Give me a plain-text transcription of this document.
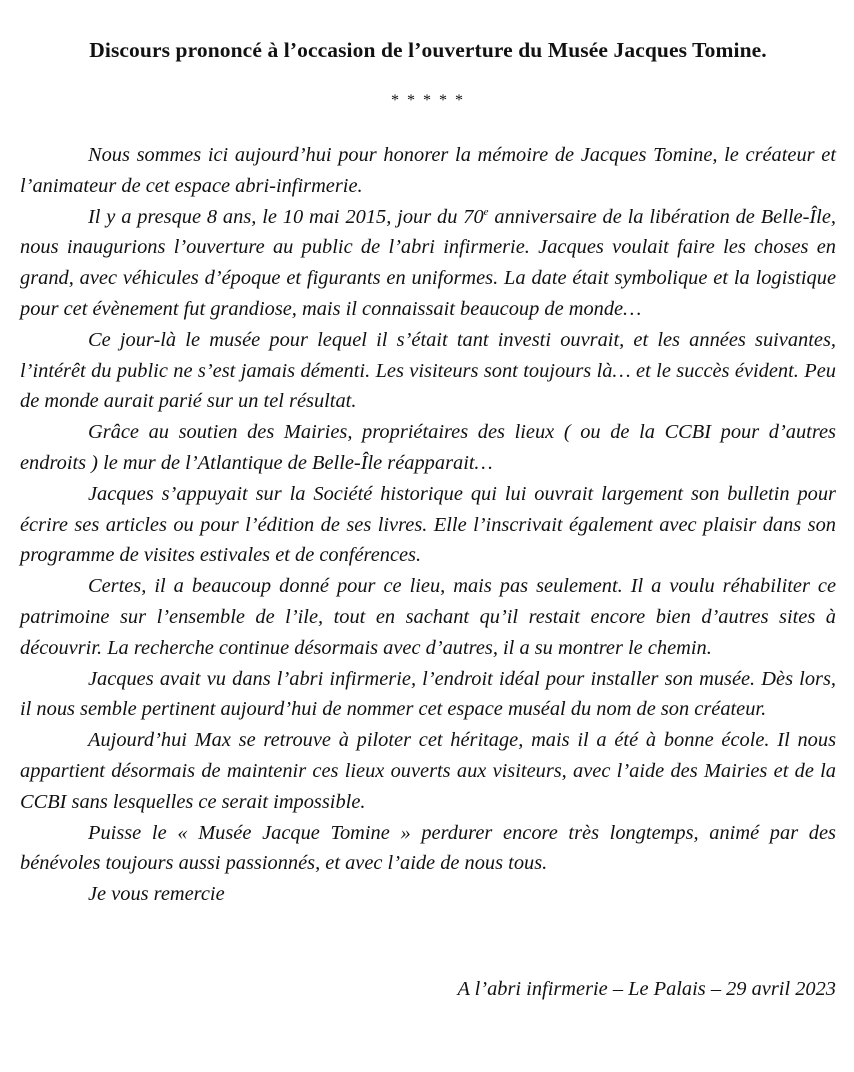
Discours prononcé à l’occasion de l’ouverture du Musée Jacques Tomine.
* * * * *

Nous sommes ici aujourd’hui pour honorer la mémoire de Jacques Tomine, le créateur et l’animateur de cet espace abri-infirmerie.

Il y a presque 8 ans, le 10 mai 2015, jour du 70e anniversaire de la libération de Belle-Île, nous inaugurions l’ouverture au public de l’abri infirmerie. Jacques voulait faire les choses en grand, avec véhicules d’époque et figurants en uniformes. La date était symbolique et la logistique pour cet évènement fut grandiose, mais il connaissait beaucoup de monde…

Ce jour-là le musée pour lequel il s’était tant investi ouvrait, et les années suivantes, l’intérêt du public ne s’est jamais démenti. Les visiteurs sont toujours là… et le succès évident. Peu de monde aurait parié sur un tel résultat.

Grâce au soutien des Mairies, propriétaires des lieux ( ou de la CCBI pour d’autres endroits ) le mur de l’Atlantique de Belle-Île réapparait…

Jacques s’appuyait sur la Société historique qui lui ouvrait largement son bulletin pour écrire ses articles ou pour l’édition de ses livres. Elle l’inscrivait également avec plaisir dans son programme de visites estivales et de conférences.

Certes, il a beaucoup donné pour ce lieu, mais pas seulement. Il a voulu réhabiliter ce patrimoine sur l’ensemble de l’ile, tout en sachant qu’il restait encore bien d’autres sites à découvrir. La recherche continue désormais avec d’autres, il a su montrer le chemin.

Jacques avait vu dans l’abri infirmerie, l’endroit idéal pour installer son musée. Dès lors, il nous semble pertinent aujourd’hui de nommer cet espace muséal du nom de son créateur.

Aujourd’hui Max se retrouve à piloter cet héritage, mais il a été à bonne école. Il nous appartient désormais de maintenir ces lieux ouverts aux visiteurs, avec l’aide des Mairies et de la CCBI sans lesquelles ce serait impossible.

Puisse le « Musée Jacque Tomine » perdurer encore très longtemps, animé par des bénévoles toujours aussi passionnés, et avec l’aide de nous tous.

Je vous remercie

A l’abri infirmerie – Le Palais – 29 avril 2023
